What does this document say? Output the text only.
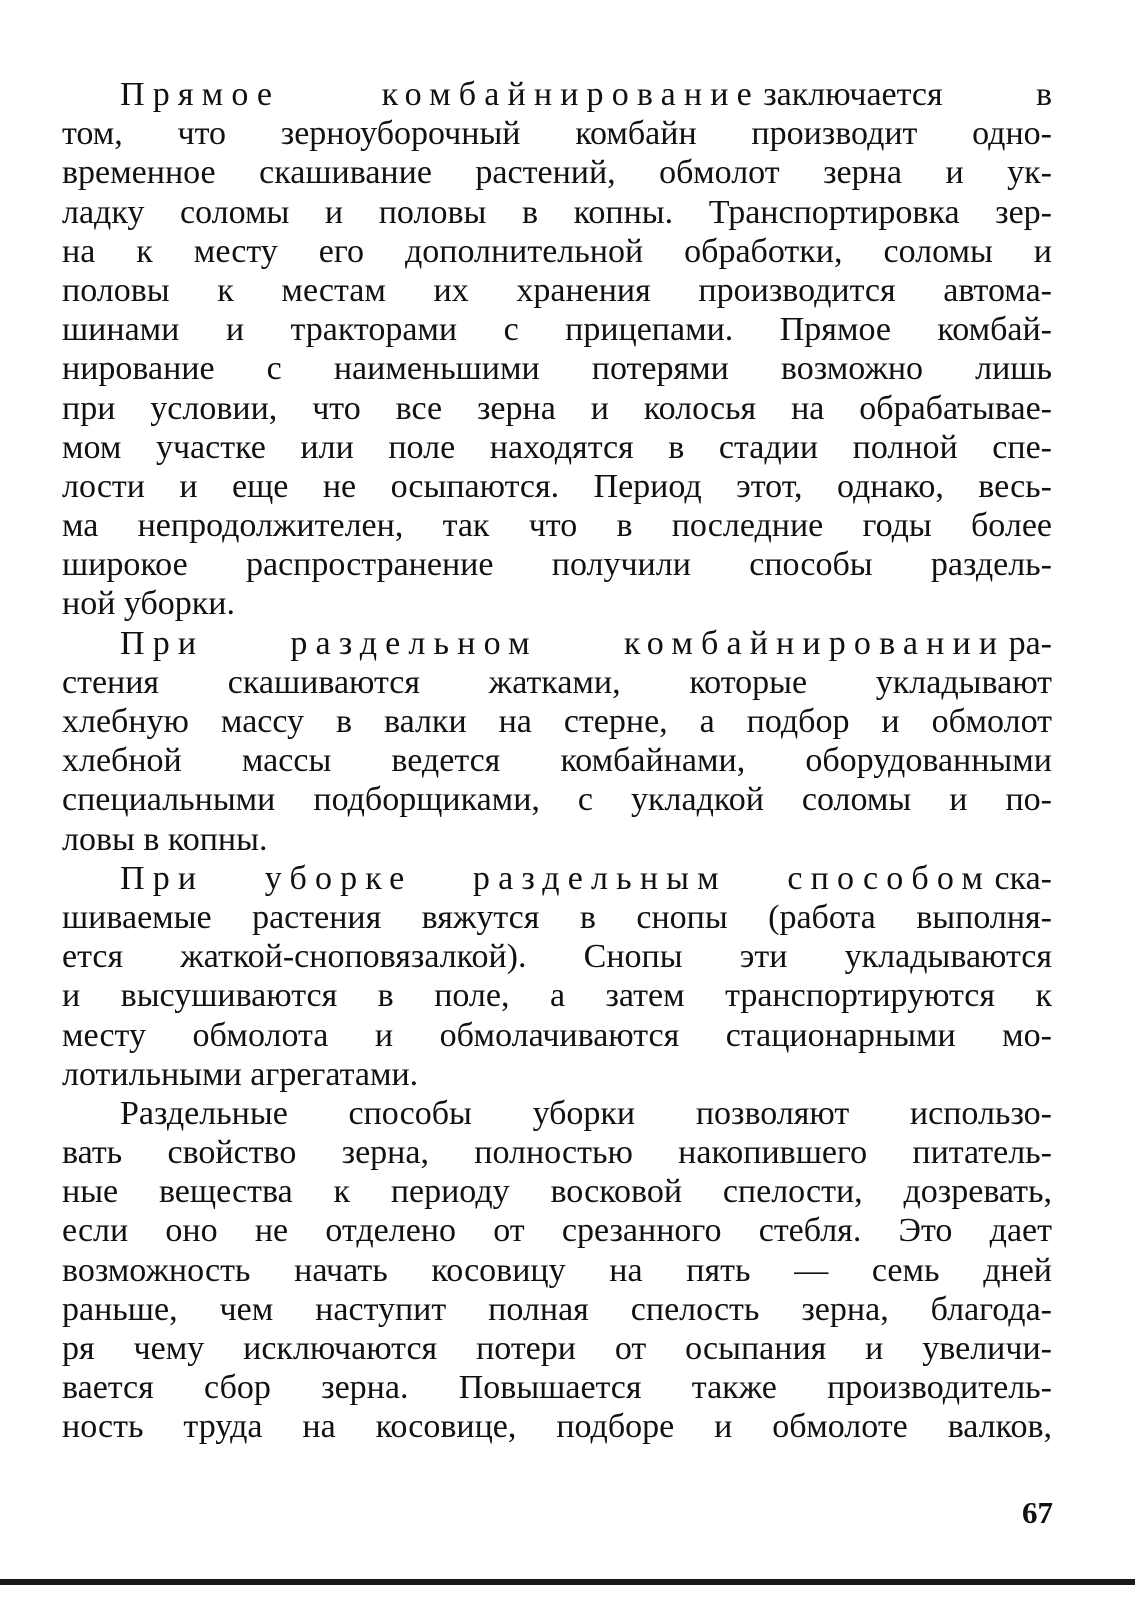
Прямое комбайнированиезаключается в
том, что зерноуборочный комбайн производит одно-
временное скашивание растений, обмолот зерна и ук-
ладку соломы и половы в копны. Транспортировка зер-
на к месту его дополнительной обработки, соломы и
половы к местам их хранения производится автома-
шинами и тракторами с прицепами. Прямое комбай-
нирование с наименьшими потерями возможно лишь
при условии, что все зерна и колосья на обрабатывае-
мом участке или поле находятся в стадии полной спе-
лости и еще не осыпаются. Период этот, однако, весь-
ма непродолжителен, так что в последние годы более
широкое распространение получили способы раздель-
ной уборки.
При раздельном комбайнированиира-
стения скашиваются жатками, которые укладывают
хлебную массу в валки на стерне, а подбор и обмолот
хлебной массы ведется комбайнами, оборудованными
специальными подборщиками, с укладкой соломы и по-
ловы в копны.
При уборке раздельным способомска-
шиваемые растения вяжутся в снопы (работа выполня-
ется жаткой-сноповязалкой). Снопы эти укладываются
и высушиваются в поле, а затем транспортируются к
месту обмолота и обмолачиваются стационарными мо-
лотильными агрегатами.
Раздельные способы уборки позволяют использо-
вать свойство зерна, полностью накопившего питатель-
ные вещества к периоду восковой спелости, дозревать,
если оно не отделено от срезанного стебля. Это дает
возможность начать косовицу на пять — семь дней
раньше, чем наступит полная спелость зерна, благода-
ря чему исключаются потери от осыпания и увеличи-
вается сбор зерна. Повышается также производитель-
ность труда на косовице, подборе и обмолоте валков,
67
